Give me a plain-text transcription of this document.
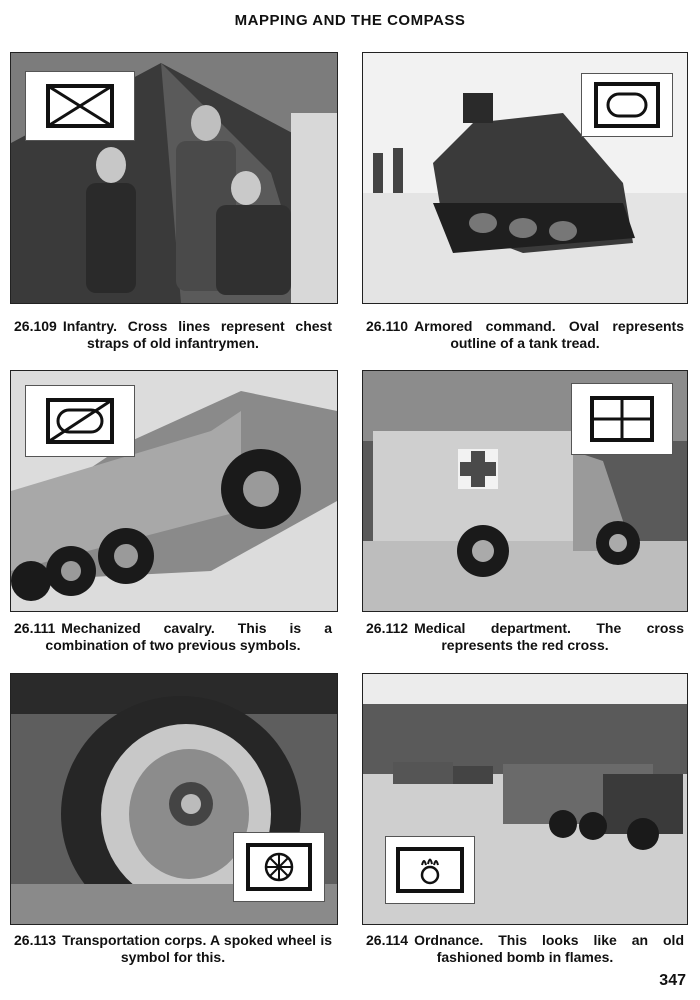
MAPPING AND THE COMPASS
26.109 Infantry. Cross lines represent chest straps of old infantrymen.
26.110 Armored command. Oval represents outline of a tank tread.
26.111 Mechanized cavalry. This is a combination of two previous symbols.
26.112 Medical department. The cross represents the red cross.
26.113 Transportation corps. A spoked wheel is symbol for this.
26.114 Ordnance. This looks like an old fashioned bomb in flames.
347
